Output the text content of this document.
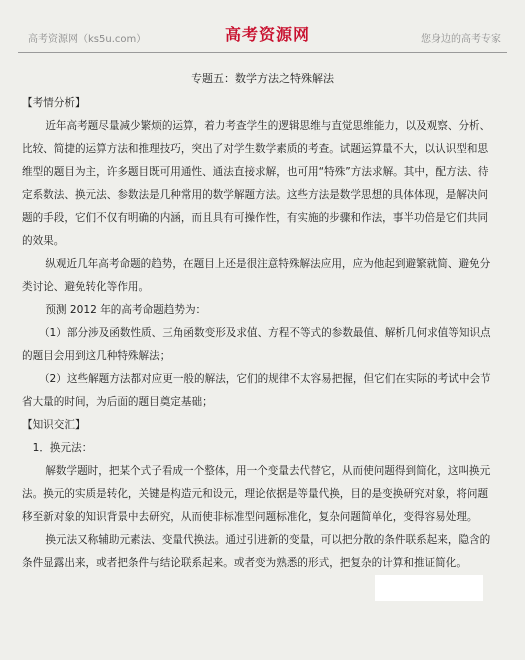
高考资源网（ks5u.com）	高考资源网	您身边的高考专家
专题五：数学方法之特殊解法

【考情分析】

近年高考题尽量减少繁烦的运算，着力考查学生的逻辑思维与直觉思维能力，以及观察、分析、比较、简捷的运算方法和推理技巧，突出了对学生数学素质的考查。试题运算量不大，以认识型和思维型的题目为主，许多题目既可用通性、通法直接求解，也可用“特殊”方法求解。其中，配方法、待定系数法、换元法、参数法是几种常用的数学解题方法。这些方法是数学思想的具体体现，是解决问题的手段，它们不仅有明确的内涵，而且具有可操作性，有实施的步骤和作法，事半功倍是它们共同的效果。

纵观近几年高考命题的趋势，在题目上还是很注意特殊解法应用，应为他起到避繁就简、避免分类讨论、避免转化等作用。

预测 2012 年的高考命题趋势为：

（1）部分涉及函数性质、三角函数变形及求值、方程不等式的参数最值、解析几何求值等知识点的题目会用到这几种特殊解法；

（2）这些解题方法都对应更一般的解法，它们的规律不太容易把握，但它们在实际的考试中会节省大量的时间，为后面的题目奠定基础；

【知识交汇】

1．换元法：

解数学题时，把某个式子看成一个整体，用一个变量去代替它，从而使问题得到简化，这叫换元法。换元的实质是转化，关键是构造元和设元，理论依据是等量代换，目的是变换研究对象，将问题移至新对象的知识背景中去研究，从而使非标准型问题标准化，复杂问题简单化，变得容易处理。

换元法又称辅助元素法、变量代换法。通过引进新的变量，可以把分散的条件联系起来，隐含的条件显露出来，或者把条件与结论联系起来。或者变为熟悉的形式，把复杂的计算和推证简化。
